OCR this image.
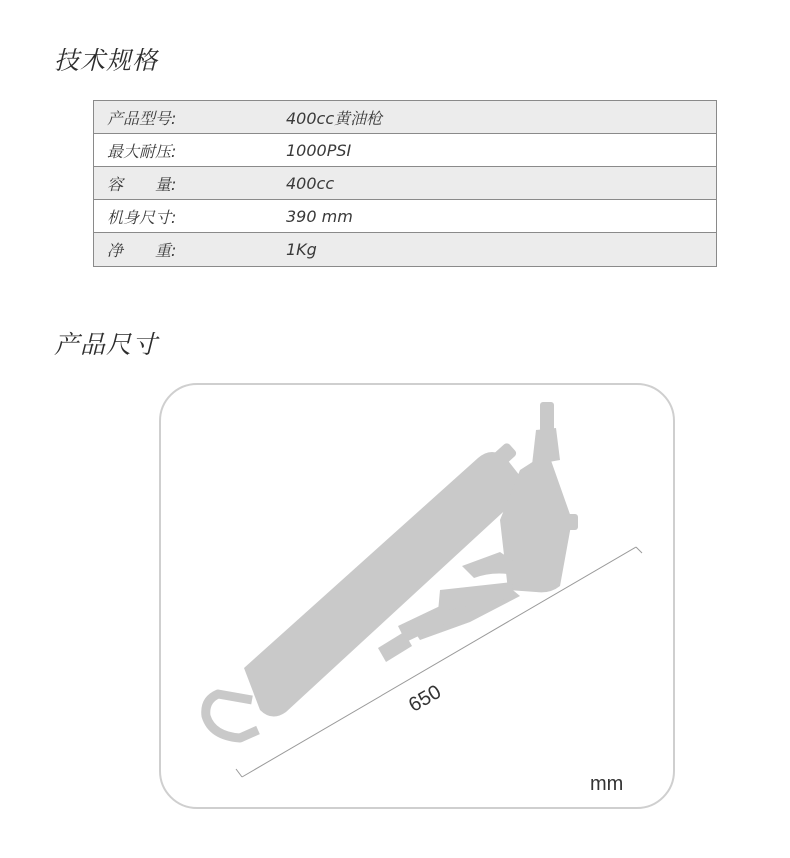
技术规格
产品型号:	400cc黄油枪
最大耐压:	1000PSI
容　　量:	400cc
机身尺寸:	390 mm
净　　重:	1Kg
产品尺寸
650
mm
